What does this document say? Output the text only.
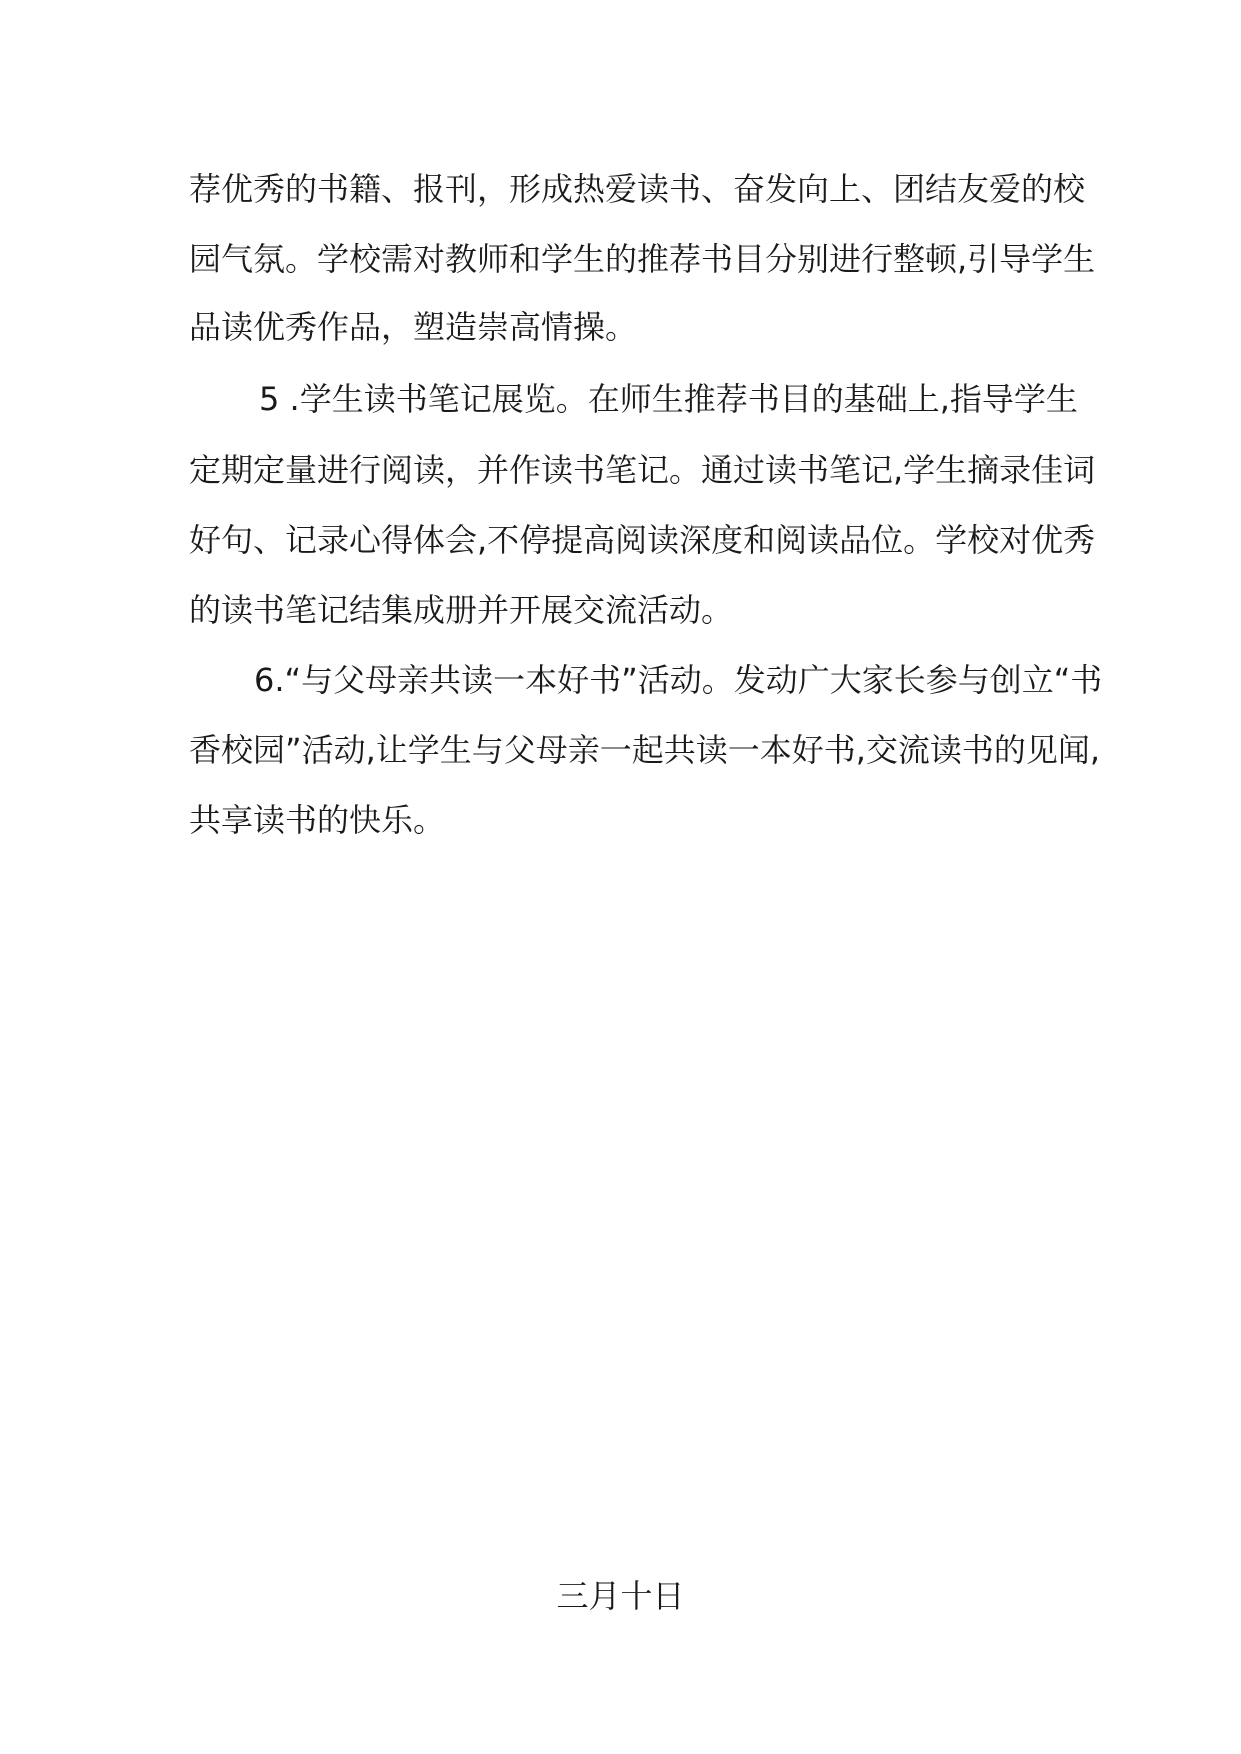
荐优秀的书籍、报刊，形成热爱读书、奋发向上、团结友爱的校
园气氛。学校需对教师和学生的推荐书目分别进行整顿,引导学生
品读优秀作品，塑造崇高情操。
5 .学生读书笔记展览。在师生推荐书目的基础上,指导学生
定期定量进行阅读，并作读书笔记。通过读书笔记,学生摘录佳词
好句、记录心得体会,不停提高阅读深度和阅读品位。学校对优秀
的读书笔记结集成册并开展交流活动。
6.“与父母亲共读一本好书”活动。发动广大家长参与创立“书
香校园”活动,让学生与父母亲一起共读一本好书,交流读书的见闻,
共享读书的快乐。
三月十日
